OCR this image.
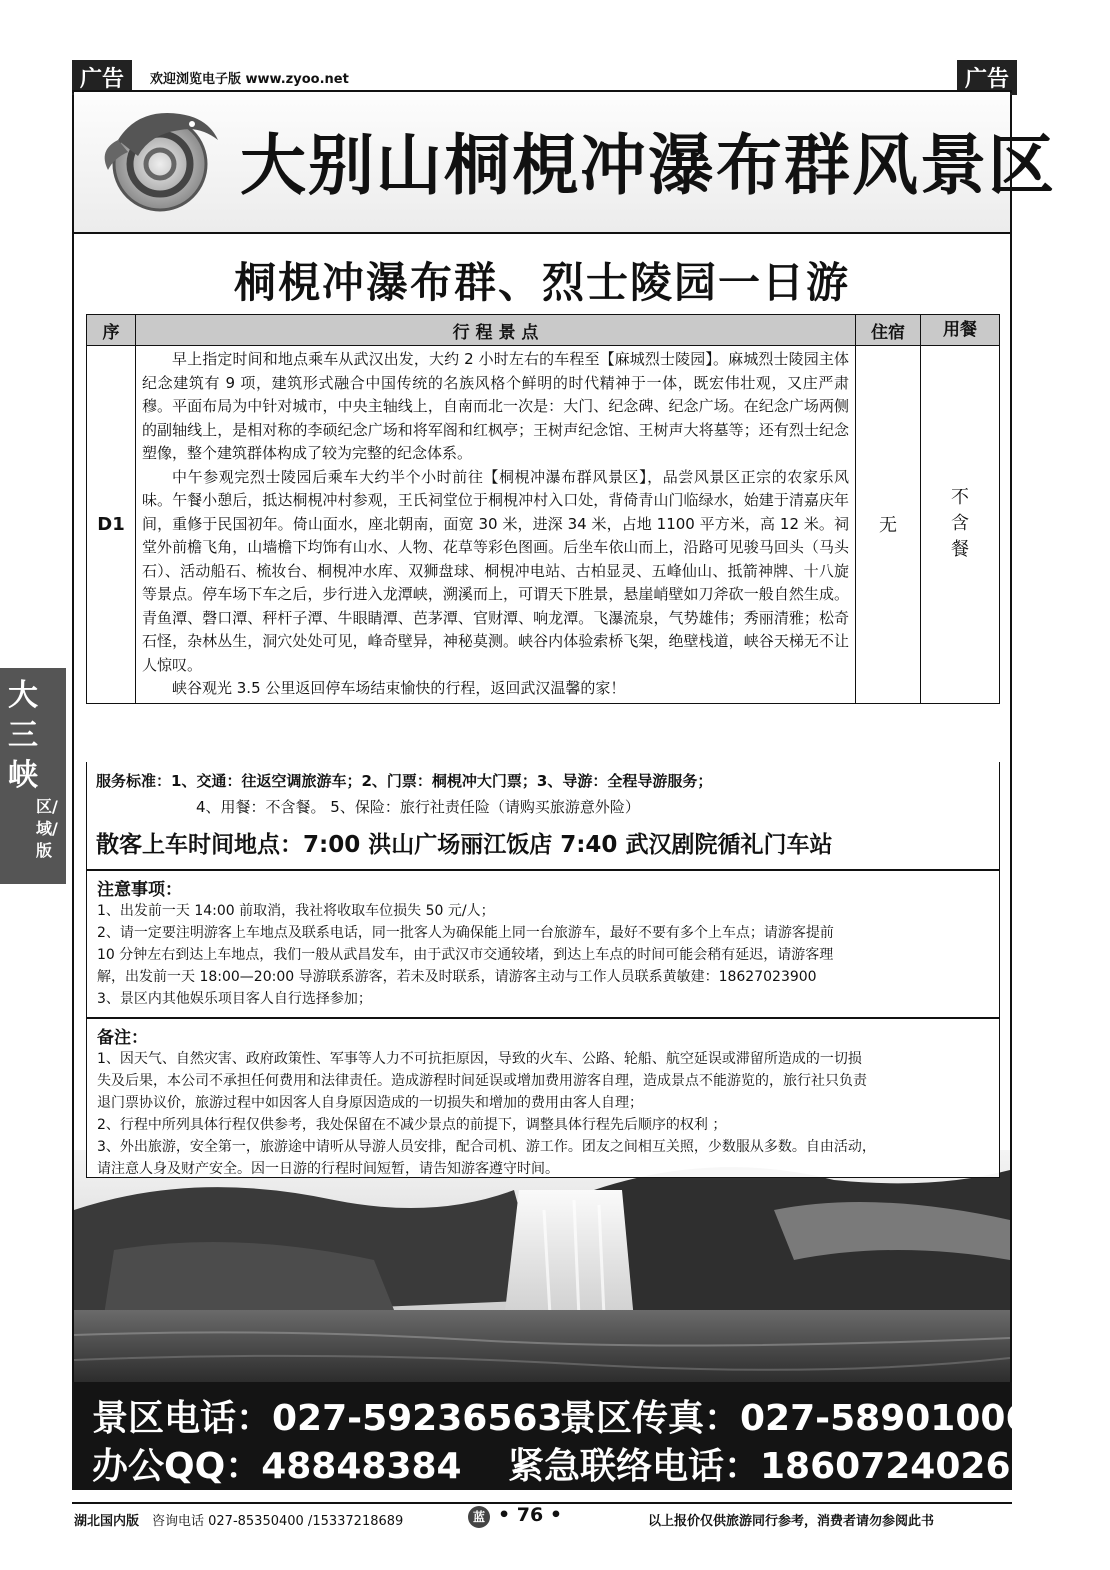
广告	广告
欢迎浏览电子版 www.zyoo.net
大别山桐梘冲瀑布群风景区
桐梘冲瀑布群、烈士陵园一日游
序	行 程 景 点	住宿	用餐
D1	早上指定时间和地点乘车从武汉出发，大约 2 小时左右的车程至【麻城烈士陵园】。麻城烈士陵园主体纪念建筑有 9 项，建筑形式融合中国传统的名族风格个鲜明的时代精神于一体，既宏伟壮观，又庄严肃穆。平面布局为中针对城市，中央主轴线上，自南而北一次是：大门、纪念碑、纪念广场。在纪念广场两侧的副轴线上，是相对称的李硕纪念广场和将军阁和红枫亭；王树声纪念馆、王树声大将墓等；还有烈士纪念塑像，整个建筑群体构成了较为完整的纪念体系。

中午参观完烈士陵园后乘车大约半个小时前往【桐梘冲瀑布群风景区】，品尝风景区正宗的农家乐风味。午餐小憩后，抵达桐梘冲村参观，王氏祠堂位于桐梘冲村入口处，背倚青山门临绿水，始建于清嘉庆年间，重修于民国初年。倚山面水，座北朝南，面宽 30 米，进深 34 米，占地 1100 平方米，高 12 米。祠堂外前檐飞角，山墙檐下均饰有山水、人物、花草等彩色图画。后坐车依山而上，沿路可见骏马回头（马头石）、活动船石、梳妆台、桐梘冲水库、双狮盘球、桐梘冲电站、古柏显灵、五峰仙山、抵箭神牌、十八旋等景点。停车场下车之后，步行进入龙潭峡，溯溪而上，可谓天下胜景，悬崖峭壁如刀斧砍一般自然生成。青鱼潭、磬口潭、秤杆子潭、牛眼睛潭、芭茅潭、官财潭、响龙潭。飞瀑流泉，气势雄伟；秀丽清雅；松奇石怪，杂林丛生，洞穴处处可见，峰奇壁异，神秘莫测。峡谷内体验索桥飞架，绝壁栈道，峡谷天梯无不让人惊叹。

峡谷观光 3.5 公里返回停车场结束愉快的行程，返回武汉温馨的家！	无	不含餐
服务标准：1、交通：往返空调旅游车；2、门票：桐梘冲大门票；3、导游：全程导游服务；
4、用餐：不含餐。 5、保险：旅行社责任险（请购买旅游意外险）
散客上车时间地点：7:00 洪山广场丽江饭店 7:40 武汉剧院循礼门车站
注意事项：
1、出发前一天 14:00 前取消，我社将收取车位损失 50 元/人；
2、请一定要注明游客上车地点及联系电话，同一批客人为确保能上同一台旅游车，最好不要有多个上车点；请游客提前
10 分钟左右到达上车地点，我们一般从武昌发车，由于武汉市交通较堵，到达上车点的时间可能会稍有延迟，请游客理
解，出发前一天 18:00—20:00 导游联系游客，若未及时联系，请游客主动与工作人员联系黄敏建：18627023900
3、景区内其他娱乐项目客人自行选择参加；
备注：
1、因天气、自然灾害、政府政策性、军事等人力不可抗拒原因，导致的火车、公路、轮船、航空延误或滞留所造成的一切损
失及后果，本公司不承担任何费用和法律责任。造成游程时间延误或增加费用游客自理，造成景点不能游览的，旅行社只负责
退门票协议价，旅游过程中如因客人自身原因造成的一切损失和增加的费用由客人自理；
2、行程中所列具体行程仅供参考，我处保留在不减少景点的前提下，调整具体行程先后顺序的权利 ；
3、外出旅游，安全第一，旅游途中请听从导游人员安排，配合司机、游工作。团友之间相互关照，少数服从多数。自由活动，
请注意人身及财产安全。因一日游的行程时间短暂，请告知游客遵守时间。
景区电话：027-59236563
景区传真：027-58901006
办公QQ：48848384 紧急联络电话：18607240266
大三峡
区/域/版
湖北国内版 咨询电话 027-85350400 /15337218689	蓝 • 76 •	以上报价仅供旅游同行参考，消费者请勿参阅此书
